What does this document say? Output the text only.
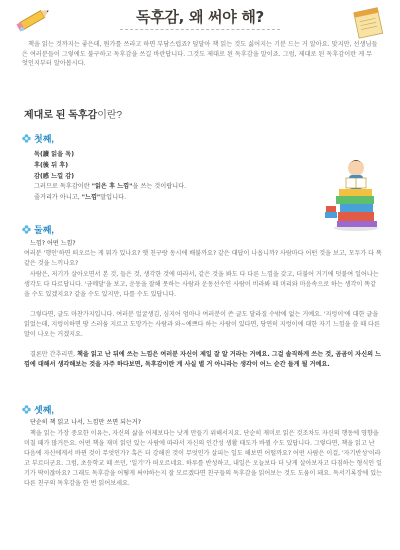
독후감, 왜 써야 해?
책을 읽는 것까지는 좋은데, 뭔가를 쓰라고 하면 부담스럽죠? 덮달아 책 읽는 것도 싫어지는 기분 드는 거 알아요. 맞지만, 선생님들은 여러분들이 그렇에도 불구하고 독후감을 쓰길 바란답니다. 그것도 제대로 된 독후감을 말이죠. 그럼, 제대로 된 독후감이란 게 무엇인지부터 알아봅시다.
제대로 된 독후감이란?
첫째,
독(讀 읽을 독)
후(後 뒤 후)
감(感 느낄 감)
그러므로 독후감이란 "읽은 후 느낌"을 쓰는 것이랍니다.
줄거리가 아니고, "느낌"말입니다.
둘째,
느낌? 어떤 느낌?
여러분 '행인'하면 떠오르는 게 뭐가 있나요? 옛 친구랑 동시에 배불까요? 같은 대답이 나옵니까? 사람마다 어떤 것을 보고, 모두가 다 똑같은 것을 느끼나요?
사람은, 저기가 살아오면서 본 것, 들은 것, 생각한 것에 따라서, 같은 것을 봐도 다 다른 느낌을 갖고, 더불어 거기에 덧붙여 일어나는 생각도 다 다르답니다. '금메달'을 보고, 운동을 잘해 못하는 사람과 운동선수인 사람이 비라봐 때 머리와 마음속으로 하는 생각이 똑같을 수도 있겠지요? 같을 수도 있지만, 다를 수도 있답니다.
그렇다면, 글도 마찬가지입니다. 여러분 얼굴생김, 심지어 엄마나 여러분이 쓴 글도 달라질 수밖에 없는 거예요. '지렁이'에 대한 글을 읽었는데, 지렁이하면 땅 스러움 지르고 도망가는 사람과 와~예쁘다 하는 사람이 있다면, 당연히 지렁이에 대한 자기 느낌을 쓸 때 다른 말이 나오는 거겠지요.
결론만 간추리면, 책을 읽고 난 뒤에 쓰는 느낌은 여러분 자신이 제일 잘 알 거라는 거예요. 그걸 솔직하게 쓰는 것, 곰곰이 자신의 느낌에 대해서 생각해보는 것을 자주 하다보면, 독후감이란 게 사실 별 거 아니라는 생각이 어느 순간 들게 될 거예요.
셋째,
단순히 책 읽고 나서, 느낌만 쓰면 되는거?
책을 읽는 가장 중요한 이유는, 자신의 삶을 어제보다는 낫게 만들기 위해서지요. 단순히 재미로 읽은 것조차도 자신의 행동에 영향을 미칠 때가 많거든요. 어떤 책을 재미 읽던 있는 사람에 따라서 자신의 인간성 생활 태도가 바뀔 수도 있답니다. 그렇다면, 책을 읽고 난 다음에 자신에게서 바뀐 것이 무엇인가? 혹은 더 강해진 것이 무엇인가 살피는 일도 해보면 어떨까요? 어떤 사람은 이걸, '자기반성'이라고 부르더군요. 그럼, 초등학교 때 쓰던, '일기'가 떠오르네요. 하루를 반성하고, 내일은 오늘보다 더 낫게 살아보자고 다짐하는 형식인 일기가 딱이잖아요? 그래도 독후감을 어떻게 써야하는지 잘 모르겠다면 친구들의 독후감을 읽어보는 것도 도움이 돼요. 독서기록장에 있는 다른 친구의 독후감을 한 번 읽어보세요.
